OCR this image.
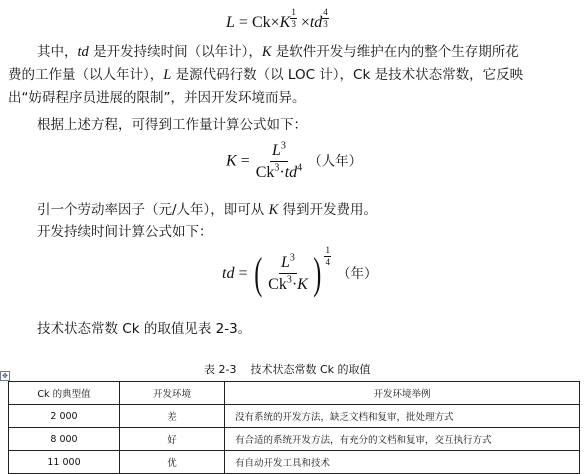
$L = Ck\times K \frac{1}{3} \times td \frac{4}{3}$
其中，td 是开发持续时间（以年计），K 是软件开发与维护在内的整个生存期所花
费的工作量（以人年计），L 是源代码行数（以 LOC 计），Ck 是技术状态常数，它反映
出“妨碍程序员进展的限制”，并因开发环境而异。
根据上述方程，可得到工作量计算公式如下：
$K = \frac{L^3}{Ck^3\cdot td^4}$ （人年）
引一个劳动率因子（元/人年），即可从 K 得到开发费用。
开发持续时间计算公式如下：
td = ( $\frac{L^3}{Ck^3\cdot K}$ ) $\frac{1}{4}$
（年）
技术状态常数 Ck 的取值见表 2-3。
表 2-3    技术状态常数 Ck 的取值
✥
Ck 的典型值	开发环境	开发环境举例
2 000	差	没有系统的开发方法，缺乏文档和复审，批处理方式
8 000	好	有合适的系统开发方法，有充分的文档和复审，交互执行方式
11 000	优	有自动开发工具和技术
